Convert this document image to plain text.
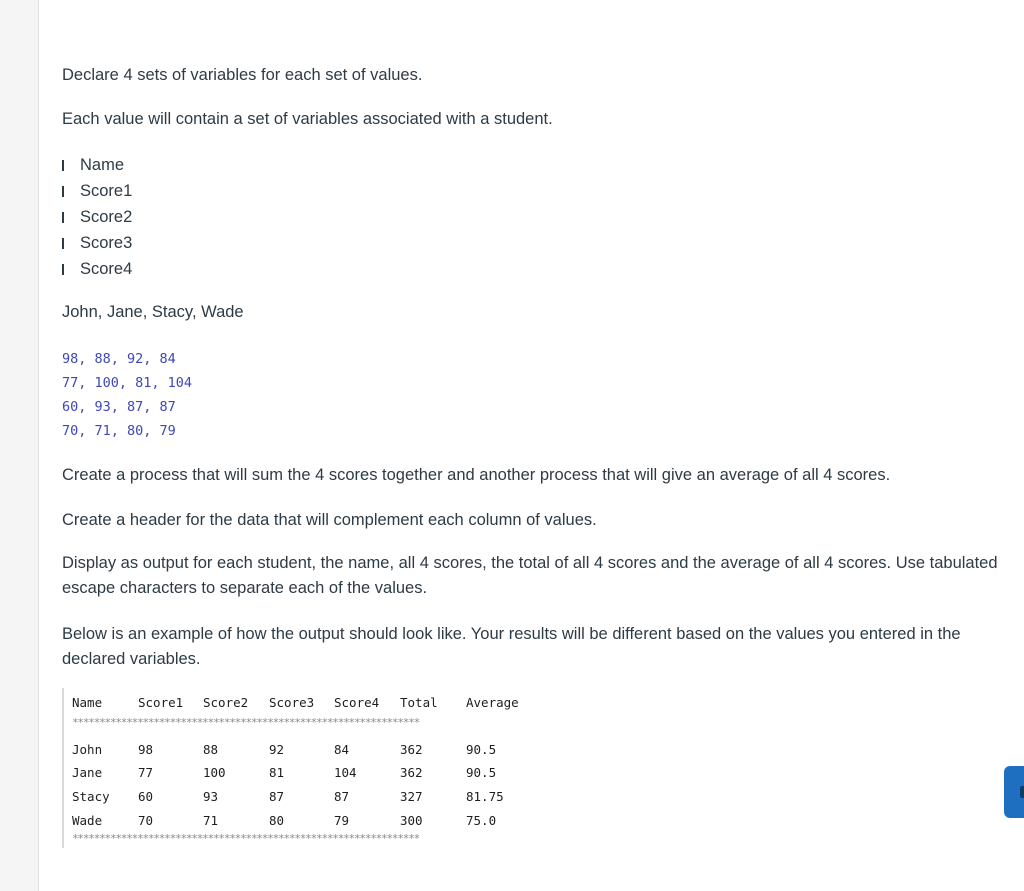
Declare 4 sets of variables for each set of values.

Each value will contain a set of variables associated with a student.

Name
Score1
Score2
Score3
Score4

John, Jane, Stacy, Wade

98, 88, 92, 84
77, 100, 81, 104
60, 93, 87, 87
70, 71, 80, 79

Create a process that will sum the 4 scores together and another process that will give an average of all 4 scores.

Create a header for the data that will complement each column of values.

Display as output for each student, the name, all 4 scores, the total of all 4 scores and the average of all 4 scores. Use tabulated escape characters to separate each of the values.

Below is an example of how the output should look like. Your results will be different based on the values you entered in the declared variables.

Name	Score1 Score2 Score3 Score4 Total Average
****************************************************************
John	98	88	92	84	362	90.5
Jane	77	100	81	104	362	90.5
Stacy 60	93	87	87	327	81.75
Wade	70	71	80	79	300	75.0
****************************************************************
